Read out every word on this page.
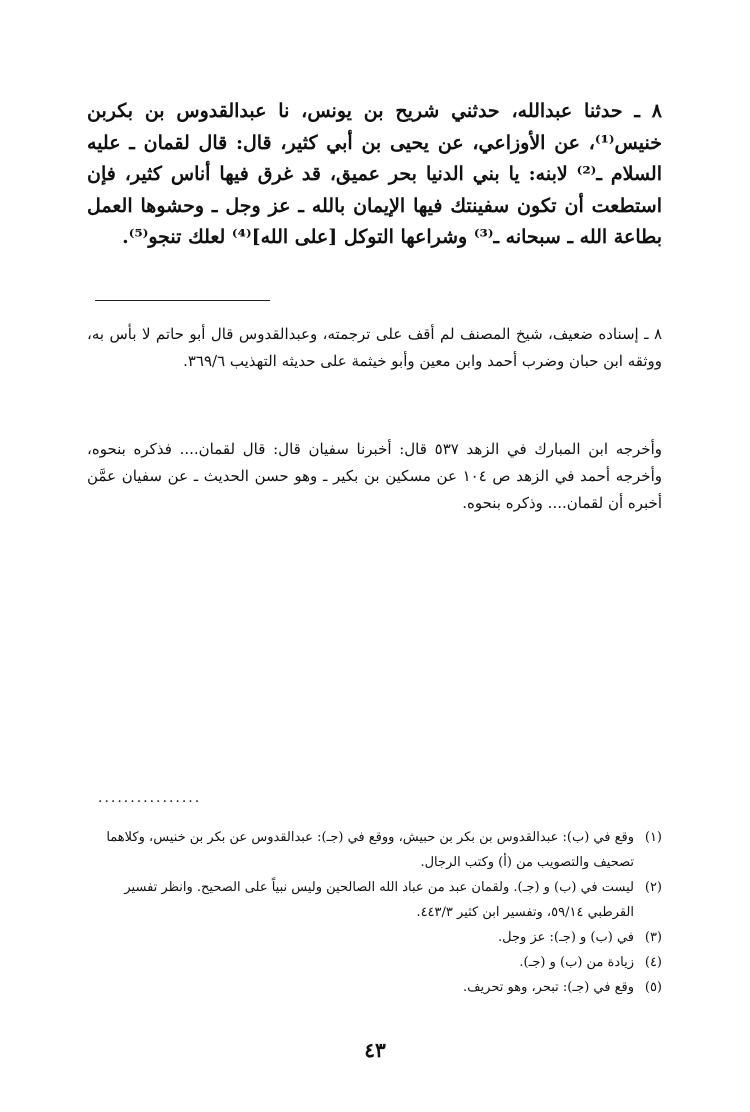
٨ ـ حدثنا عبدالله، حدثني شريح بن يونس، نا عبدالقدوس بن بكربن خنيس⁽¹⁾، عن الأوزاعي، عن يحيى بن أبي كثير، قال: قال لقمان ـ عليه السلام ـ⁽²⁾ لابنه: يا بني الدنيا بحر عميق، قد غرق فيها أناس كثير، فإن استطعت أن تكون سفينتك فيها الإيمان بالله ـ عز وجل ـ وحشوها العمل بطاعة الله ـ سبحانه ـ⁽³⁾ وشراعها التوكل [على الله]⁽⁴⁾ لعلك تنجو⁽⁵⁾.

٨ ـ إسناده ضعيف، شيخ المصنف لم أقف على ترجمته، وعبدالقدوس قال أبو حاتم لا بأس به، ووثقه ابن حبان وضرب أحمد وابن معين وأبو خيثمة على حديثه التهذيب ٣٦٩/٦.

وأخرجه ابن المبارك في الزهد ٥٣٧ قال: أخبرنا سفيان قال: قال لقمان.... فذكره بنحوه، وأخرجه أحمد في الزهد ص ١٠٤ عن مسكين بن بكير ـ وهو حسن الحديث ـ عن سفيان عمَّن أخبره أن لقمان.... وذكره بنحوه.

................
(١)
وقع في (ب): عبدالقدوس بن بكر بن حبيش، ووقع في (جـ): عبدالقدوس عن بكر بن خنيس، وكلاهما تصحيف والتصويب من (أ) وكتب الرجال.
(٢)
ليست في (ب) و (جـ). ولقمان عبد من عباد الله الصالحين وليس نبياً على الصحيح. وانظر تفسير القرطبي ٥٩/١٤، وتفسير ابن كثير ٤٤٣/٣.
(٣)
في (ب) و (جـ): عز وجل.
(٤)
زيادة من (ب) و (جـ).
(٥)
وقع في (جـ): تبحر، وهو تحريف.
٤٣
